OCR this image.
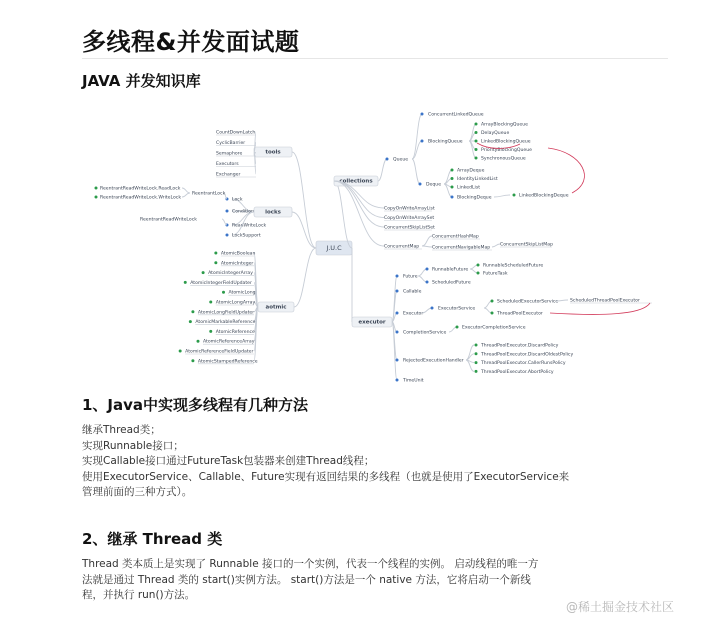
多线程&并发面试题
JAVA 并发知识库
J.U.C
tools
CountDownLatch
CyclicBarrier
Semaphore
Executors
Exchanger
locks
Lock
Condition
ReadWriteLock
LockSupport
ReentrantLock
ReentrantReadWriteLock
ReentrantReadWriteLock.ReadLock
ReentrantReadWriteLock.WriteLock
aotmic
AtomicBoolean
AtomicInteger
AtomicIntegerArray
AtomicIntegerFieldUpdater
AtomicLong
AtomicLongArray
AtomicLongFieldUpdater
AtomicMarkableReference
AtomicReference
AtomicReferenceArray
AtomicReferenceFieldUpdater
AtomicStampedReference
collections
Queue
ConcurrentLinkedQueue
BlockingQueue
ArrayBlockingQueue
DelayQueue
LinkedBlockingQueue
PriorityBlockingQueue
SynchronousQueue
Deque
ArrayDeque
IdentityLinkedList
LinkedList
BlockingDeque	LinkedBlockingDeque
CopyOnWriteArrayList
CopyOnWriteArraySet
ConcurrentSkipListSet
ConcurrentMap
ConcurrentHashMap
ConcurrentNavigableMap
ConcurrentSkipListMap
executor
Future
RunnableFuture
RunnableScheduledFuture
FutureTask
ScheduledFuture
Callable
Executor
ExecutorService
ScheduledExecutorService
ThreadPoolExecutor
ScheduledThreadPoolExecutor
CompletionService
ExecutorCompletionService
RejectedExecutionHandler
ThreadPoolExecutor.DiscardPolicy
ThreadPoolExecutor.DiscardOldestPolicy
ThreadPoolExecutor.CallerRunsPolicy
ThreadPoolExecutor.AbortPolicy
TimeUnit
1、Java中实现多线程有几种方法
继承Thread类；
实现Runnable接口；
实现Callable接口通过FutureTask包装器来创建Thread线程；
使用ExecutorService、Callable、Future实现有返回结果的多线程（也就是使用了ExecutorService来
管理前面的三种方式）。
2、继承 Thread 类
Thread 类本质上是实现了 Runnable 接口的一个实例，代表一个线程的实例。 启动线程的唯一方
法就是通过 Thread 类的 start()实例方法。 start()方法是一个 native 方法，它将启动一个新线
程，并执行 run()方法。
@稀土掘金技术社区
